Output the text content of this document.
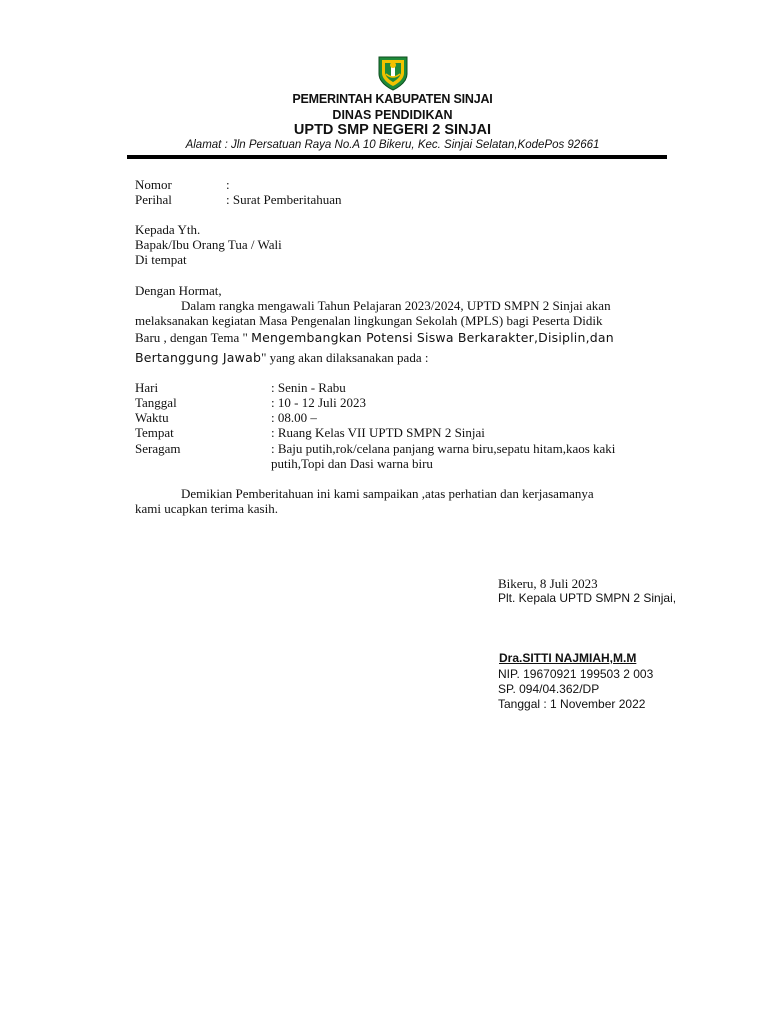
PEMERINTAH KABUPATEN SINJAI
DINAS PENDIDIKAN
UPTD SMP NEGERI 2 SINJAI
Alamat : Jln Persatuan Raya No.A 10 Bikeru, Kec. Sinjai Selatan,KodePos 92661
Nomor	:
Perihal	: Surat Pemberitahuan
Kepada Yth.
Bapak/Ibu Orang Tua / Wali
Di tempat
Dengan Hormat,
Dalam rangka mengawali Tahun Pelajaran 2023/2024, UPTD SMPN 2 Sinjai akan
melaksanakan kegiatan Masa Pengenalan lingkungan Sekolah (MPLS) bagi Peserta Didik
Baru , dengan Tema " Mengembangkan Potensi Siswa Berkarakter,Disiplin,dan
Bertanggung Jawab" yang akan dilaksanakan pada :
Hari	: Senin - Rabu
Tanggal	: 10 - 12 Juli 2023
Waktu	: 08.00 –
Tempat	: Ruang Kelas VII UPTD SMPN 2 Sinjai
Seragam	: Baju putih,rok/celana panjang warna biru,sepatu hitam,kaos kaki
putih,Topi dan Dasi warna biru
Demikian Pemberitahuan ini kami sampaikan ,atas perhatian dan kerjasamanya
kami ucapkan terima kasih.
Bikeru, 8 Juli 2023
Plt. Kepala UPTD SMPN 2 Sinjai,
Dra.SITTI NAJMIAH,M.M
NIP. 19670921 199503 2 003
SP. 094/04.362/DP
Tanggal : 1 November 2022
